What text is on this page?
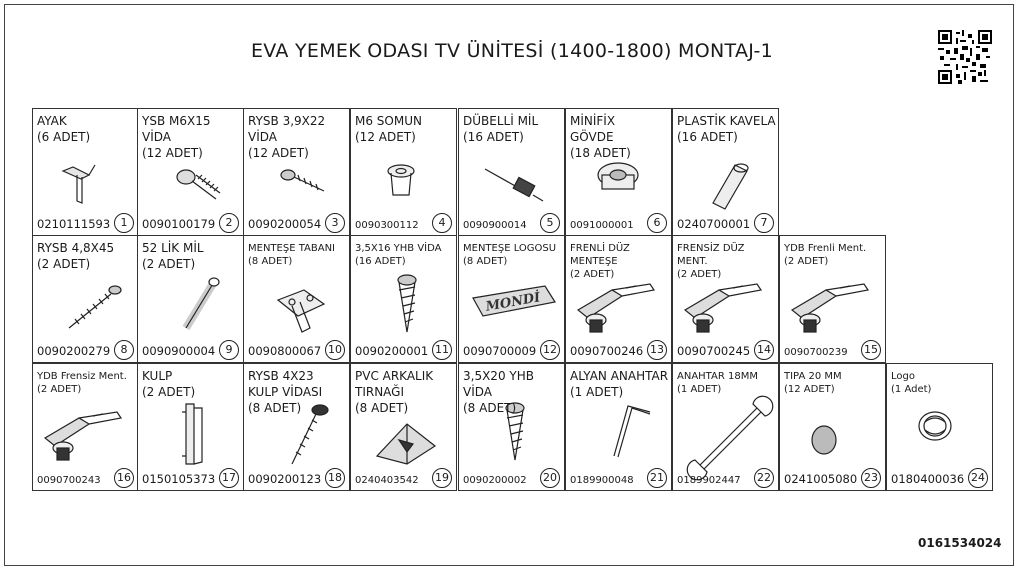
EVA YEMEK ODASI TV ÜNİTESİ (1400-1800) MONTAJ-1
0161534024
AYAK
(6 ADET)
0210111593 1
YSB M6X15
VİDA
(12 ADET)
0090100179 2
RYSB 3,9X22
VİDA
(12 ADET)
0090200054 3
M6 SOMUN
(12 ADET)
0090300112	4
DÜBELLİ MİL
(16 ADET)
0090900014	5
MİNİFİX
GÖVDE
(18 ADET)
0091000001	6
PLASTİK KAVELA
(16 ADET)
0240700001 7
RYSB 4,8X45
(2 ADET)
0090200279 8
52 LİK MİL
(2 ADET)
0090900004 9
MENTEŞE TABANI
(8 ADET)
0090800067 10
3,5X16 YHB VİDA
(16 ADET)
0090200001 11
MONDİ
MENTEŞE LOGOSU
(8 ADET)
0090700009 12
FRENLİ DÜZ MENTEŞE
(2 ADET)
0090700246 13
FRENSİZ DÜZ MENT.
(2 ADET)
0090700245 14
YDB Frenli Ment.
(2 ADET)
0090700239 15
YDB Frensiz Ment.
(2 ADET)
0090700243 16
KULP
(2 ADET)
0150105373 17
RYSB 4X23
KULP VİDASI
(8 ADET)
0090200123 18
PVC ARKALIK
TIRNAĞI
(8 ADET)
0240403542 19
3,5X20 YHB VİDA
(8 ADET)
0090200002 20
ALYAN ANAHTAR
(1 ADET)
0189900048 21
ANAHTAR 18MM
(1 ADET)
0189902447 22
TIPA 20 MM
(12 ADET)
0241005080 23
Logo
(1 Adet)
0180400036 24
